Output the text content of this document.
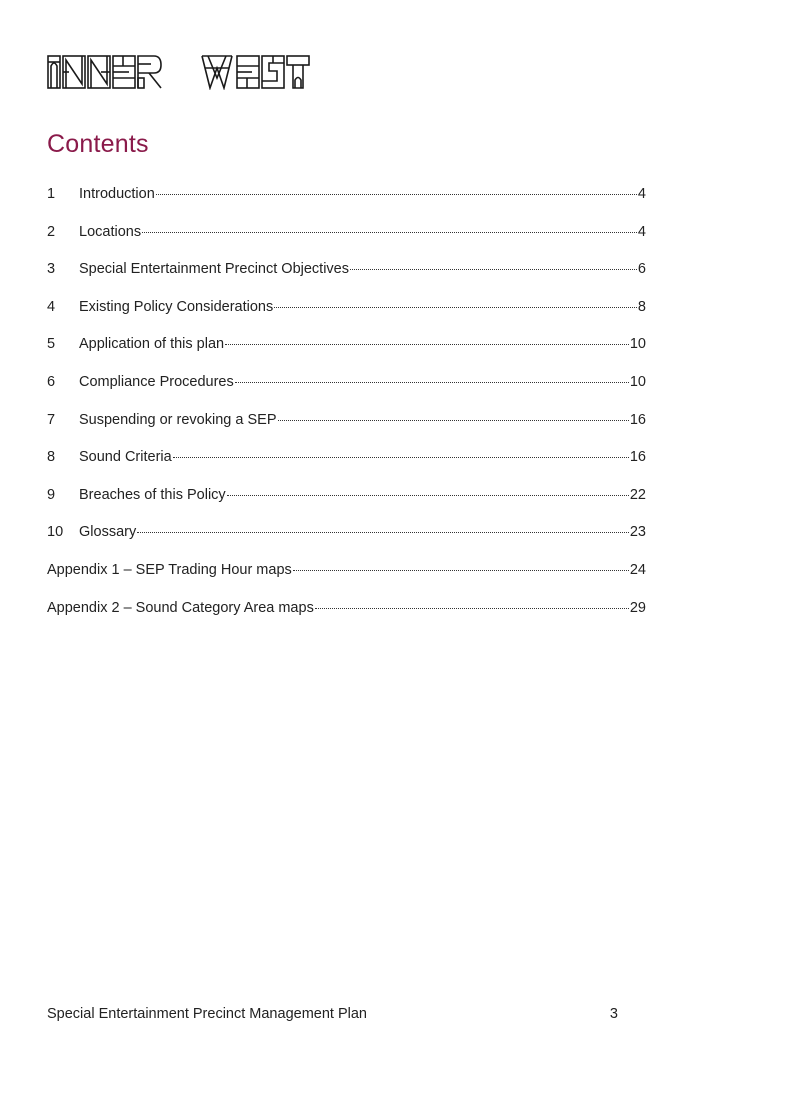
Contents
1	Introduction	4
2	Locations	4
3	Special Entertainment Precinct Objectives	6
4	Existing Policy Considerations	8
5	Application of this plan	10
6	Compliance Procedures	10
7	Suspending or revoking a SEP	16
8	Sound Criteria	16
9	Breaches of this Policy	22
10	Glossary	23
Appendix 1 – SEP Trading Hour maps	24
Appendix 2 – Sound Category Area maps	29
Special Entertainment Precinct Management Plan	3
